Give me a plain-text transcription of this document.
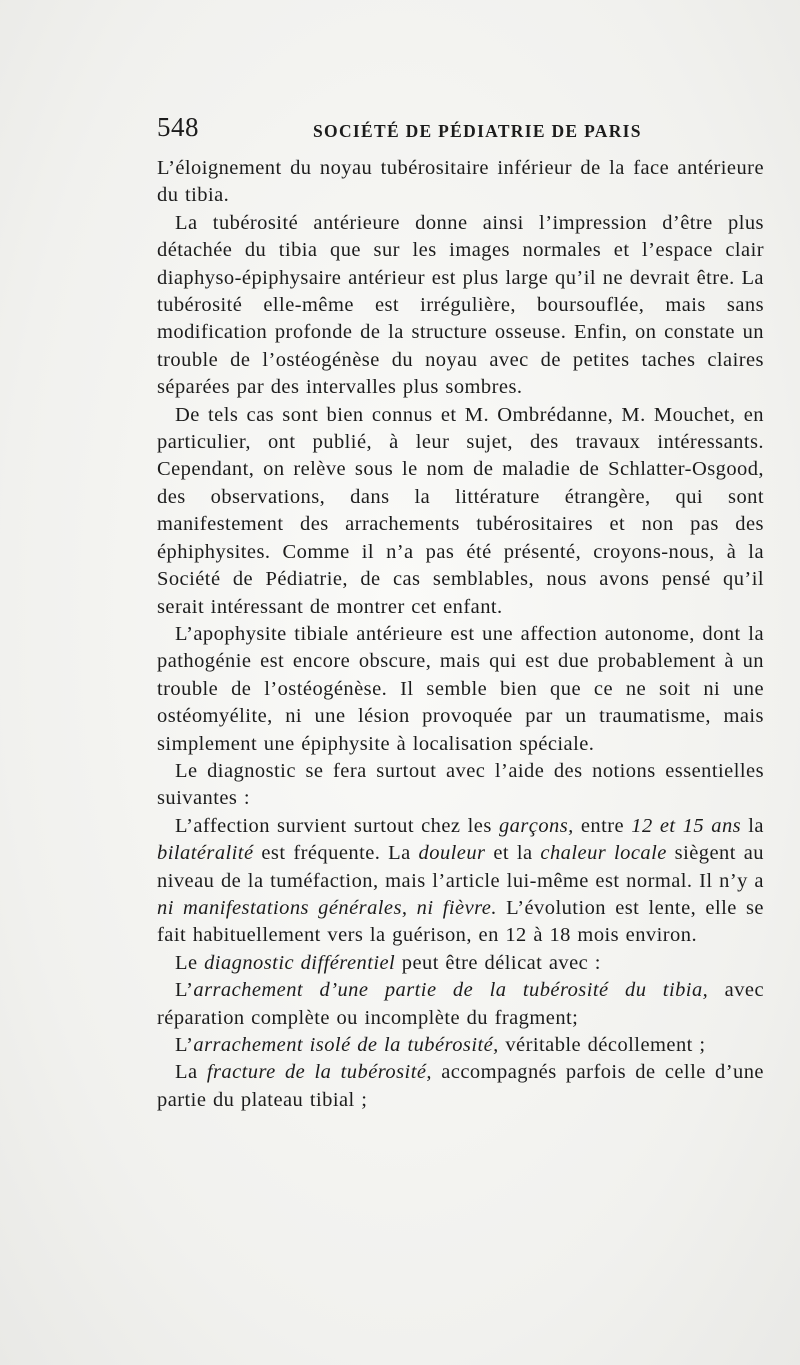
548	SOCIÉTÉ DE PÉDIATRIE DE PARIS

L’éloignement du noyau tubérositaire inférieur de la face antérieure du tibia.

La tubérosité antérieure donne ainsi l’impression d’être plus détachée du tibia que sur les images normales et l’espace clair diaphyso-épiphysaire antérieur est plus large qu’il ne devrait être. La tubérosité elle-même est irrégulière, boursouflée, mais sans modification profonde de la structure osseuse. Enfin, on constate un trouble de l’ostéogénèse du noyau avec de petites taches claires séparées par des intervalles plus sombres.

De tels cas sont bien connus et M. Ombrédanne, M. Mouchet, en particulier, ont publié, à leur sujet, des travaux intéressants. Cependant, on relève sous le nom de maladie de Schlatter-Osgood, des observations, dans la littérature étrangère, qui sont manifestement des arrachements tubérositaires et non pas des éphiphysites. Comme il n’a pas été présenté, croyons-nous, à la Société de Pédiatrie, de cas semblables, nous avons pensé qu’il serait intéressant de montrer cet enfant.

L’apophysite tibiale antérieure est une affection autonome, dont la pathogénie est encore obscure, mais qui est due probablement à un trouble de l’ostéogénèse. Il semble bien que ce ne soit ni une ostéomyélite, ni une lésion provoquée par un traumatisme, mais simplement une épiphysite à localisation spéciale.

Le diagnostic se fera surtout avec l’aide des notions essentielles suivantes :

L’affection survient surtout chez les garçons, entre 12 et 15 ans la bilatéralité est fréquente. La douleur et la chaleur locale siègent au niveau de la tuméfaction, mais l’article lui-même est normal. Il n’y a ni manifestations générales, ni fièvre. L’évolution est lente, elle se fait habituellement vers la guérison, en 12 à 18 mois environ.

Le diagnostic différentiel peut être délicat avec :

L’arrachement d’une partie de la tubérosité du tibia, avec réparation complète ou incomplète du fragment;

L’arrachement isolé de la tubérosité, véritable décollement ;

La fracture de la tubérosité, accompagnés parfois de celle d’une partie du plateau tibial ;
